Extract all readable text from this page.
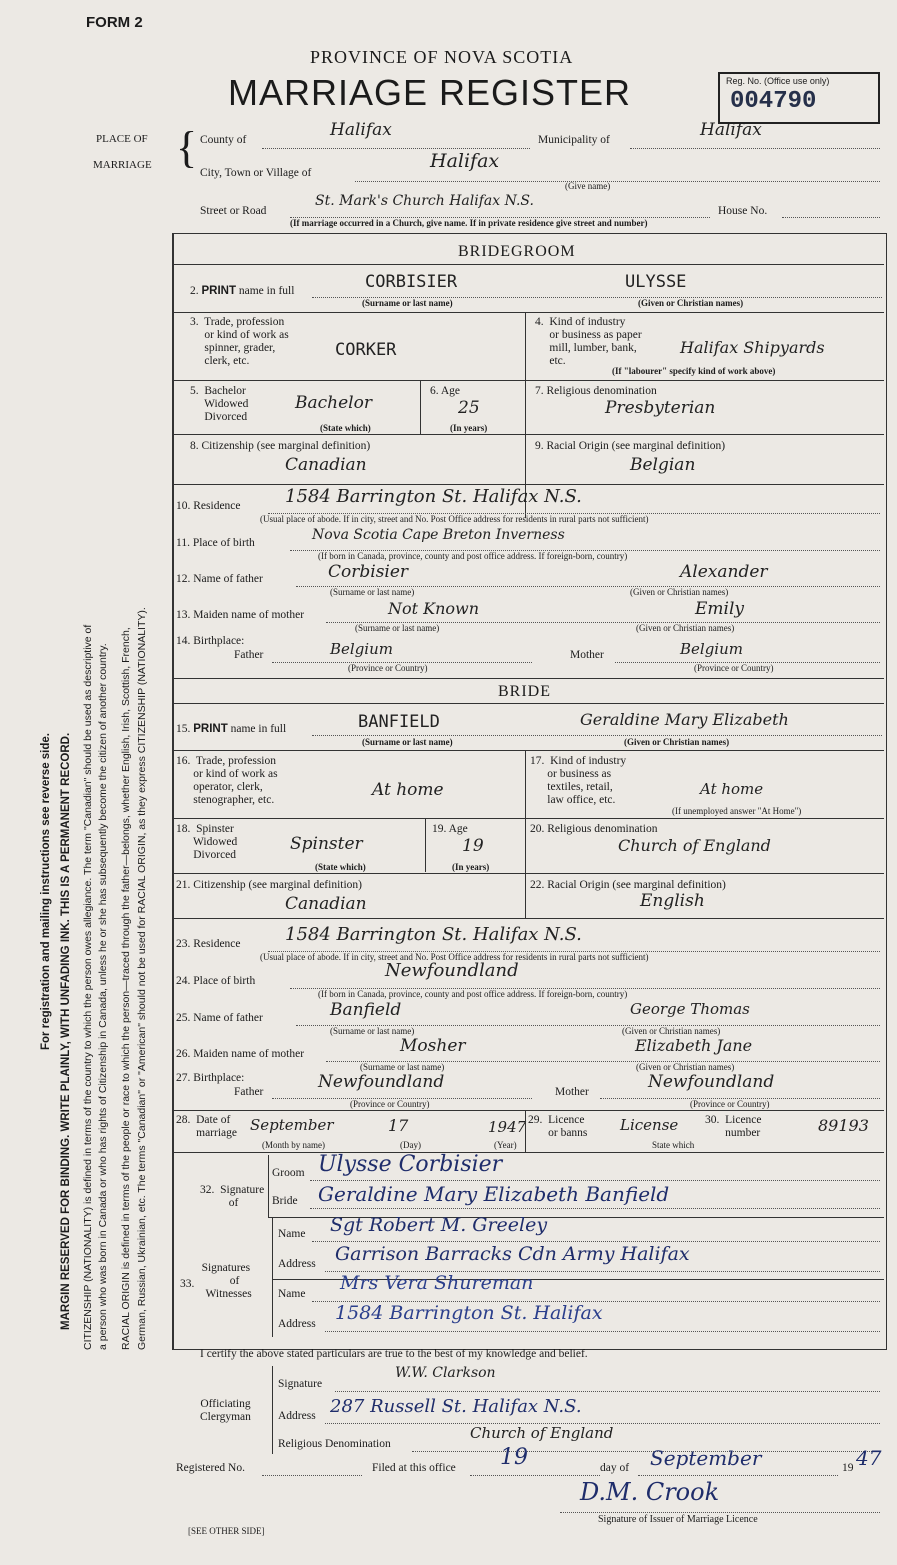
FORM 2
PROVINCE OF NOVA SCOTIA
MARRIAGE REGISTER	Reg. No. (Office use only)
004790
For registration and mailing instructions see reverse side. MARGIN RESERVED FOR BINDING. WRITE PLAINLY, WITH UNFADING INK. THIS IS A PERMANENT RECORD. CITIZENSHIP (NATIONALITY) is defined in terms of the country to which the person owes allegiance. The term "Canadian" should be used as descriptive of a person who was born in Canada or who has rights of Citizenship in Canada, unless he or she has subsequently become the citizen of another country. RACIAL ORIGIN is defined in terms of the people or race to which the person—traced through the father—belongs, whether English, Irish, Scottish, French, German, Russian, Ukrainian, etc. The terms "Canadian" or "American" should not be used for RACIAL ORIGIN, as they express CITIZENSHIP (NATIONALITY).
PLACE OF
MARRIAGE { County of	Halifax	Municipality of	Halifax
City, Town or Village of
Halifax
(Give name)
Street or Road
St. Mark's Church Halifax N.S.
House No.
(If marriage occurred in a Church, give name. If in private residence give street and number)
BRIDEGROOM
2. PRINT name in full	CORBISIER	ULYSSE
(Surname or last name)	(Given or Christian names)
3.  Trade, profession
or kind of work as
spinner, grader,
clerk, etc.
CORKER
4.  Kind of industry
or business as paper
mill, lumber, bank,
etc.
Halifax Shipyards
(If "labourer" specify kind of work above)
5.  Bachelor
Widowed
Divorced
Bachelor
(State which)
6. Age
25
(In years)
7. Religious denomination
Presbyterian
8. Citizenship (see marginal definition)
Canadian
9. Racial Origin (see marginal definition)
Belgian
10. Residence 1584 Barrington St. Halifax N.S.
(Usual place of abode. If in city, street and No. Post Office address for residents in rural parts not sufficient)
11. Place of birth	Nova Scotia Cape Breton Inverness
(If born in Canada, province, county and post office address. If foreign-born, country)
12. Name of father	Corbisier	Alexander
(Surname or last name)	(Given or Christian names)
13. Maiden name of mother	Not Known	Emily
(Surname or last name)	(Given or Christian names)
14. Birthplace:
Father	Belgium	Mother	Belgium
(Province or Country)	(Province or Country)
BRIDE
15. PRINT name in full	BANFIELD	Geraldine Mary Elizabeth
(Surname or last name)	(Given or Christian names)
16.  Trade, profession
or kind of work as
operator, clerk,
stenographer, etc.	At home
17.  Kind of industry
or business as
textiles, retail,
law office, etc.
At home
(If unemployed answer "At Home")
18.  Spinster
Widowed
Divorced
Spinster
(State which)
19. Age
19
(In years)
20. Religious denomination
Church of England
21. Citizenship (see marginal definition)
Canadian
22. Racial Origin (see marginal definition)
English
23. Residence 1584 Barrington St. Halifax N.S.
(Usual place of abode. If in city, street and No. Post Office address for residents in rural parts not sufficient)
24. Place of birth	Newfoundland
(If born in Canada, province, county and post office address. If foreign-born, country)
25. Name of father	Banfield	George Thomas
(Surname or last name)	(Given or Christian names)
26. Maiden name of mother	Mosher	Elizabeth Jane
(Surname or last name)	(Given or Christian names)
27. Birthplace:
Father	Newfoundland	Mother	Newfoundland
(Province or Country)	(Province or Country)
28.  Date of
marriage September	17	1947
(Month by name)	(Day)	(Year)
29.  Licence
or banns License
State which
30.  Licence
number	89193
32.  Signature
of
Groom Ulysse Corbisier
Bride Geraldine Mary Elizabeth Banfield
33.
Signatures
of
Witnesses
Name Sgt Robert M. Greeley
Address Garrison Barracks Cdn Army Halifax
Name Mrs Vera Shureman
Address 1584 Barrington St. Halifax
I certify the above stated particulars are true to the best of my knowledge and belief.
Officiating
Clergyman
Signature
W.W. Clarkson
Address 287 Russell St. Halifax N.S.
Religious Denomination
Church of England
Registered No.	Filed at this office 19	day of September	19 47
D.M. Crook
Signature of Issuer of Marriage Licence
[SEE OTHER SIDE]
